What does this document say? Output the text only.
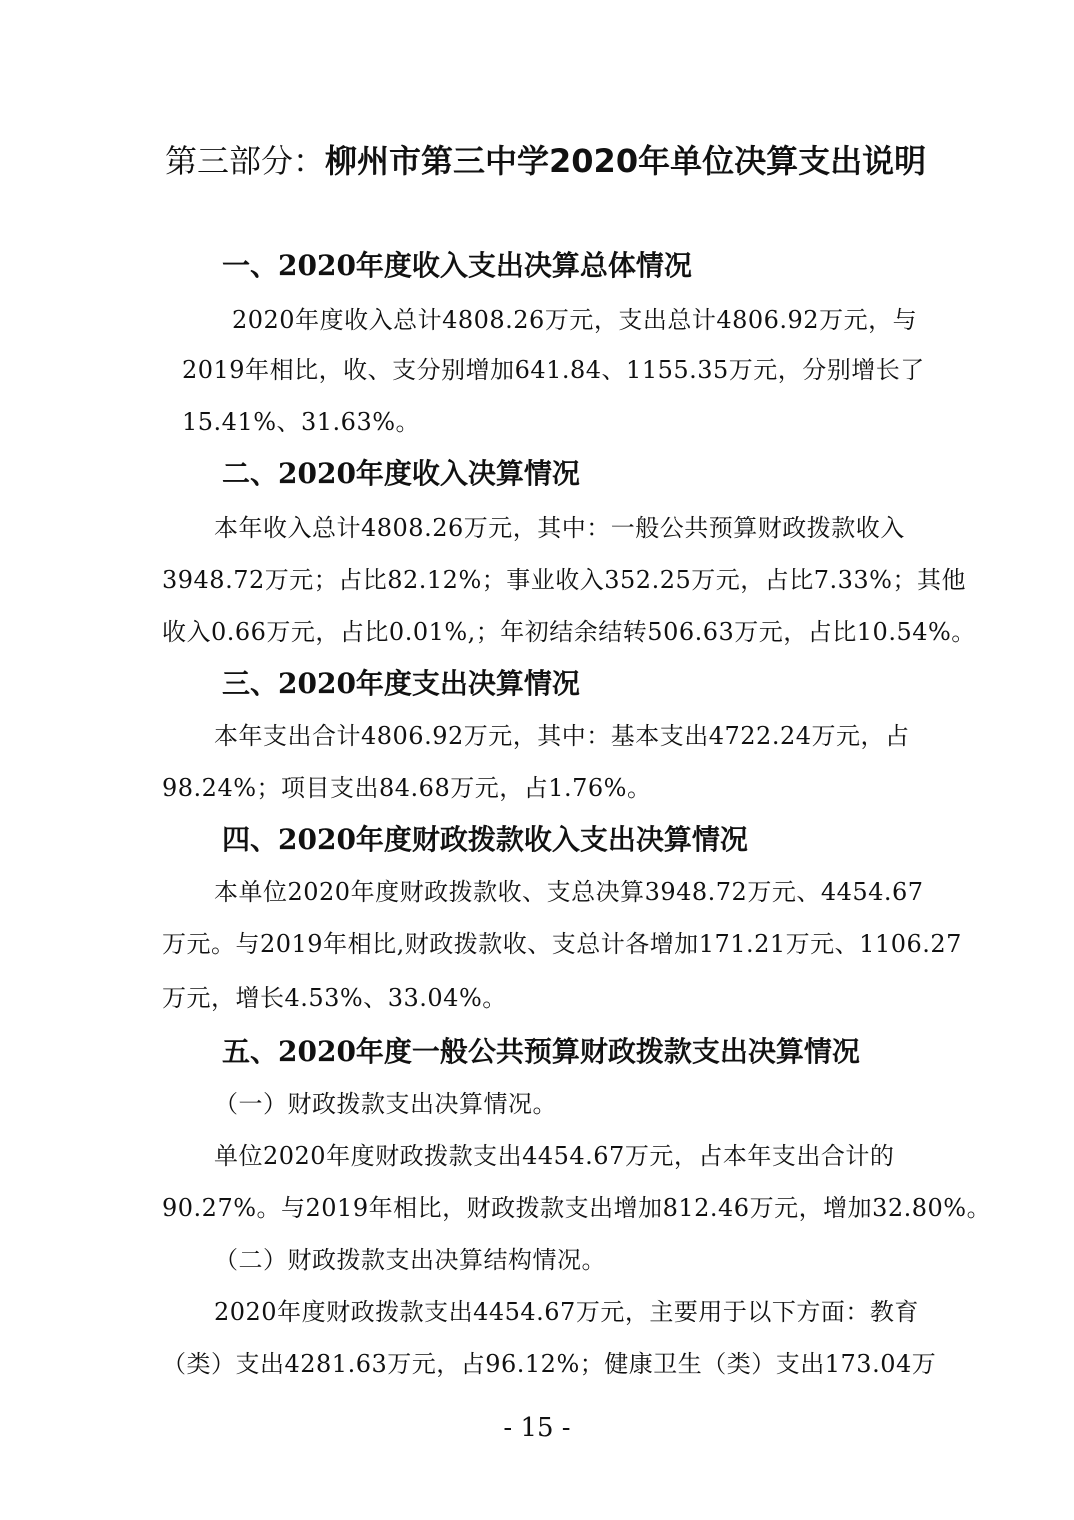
第三部分：柳州市第三中学2020年单位决算支出说明
一、2020年度收入支出决算总体情况
2020年度收入总计4808.26万元，支出总计4806.92万元，与
2019年相比，收、支分别增加641.84、1155.35万元，分别增长了
15.41%、31.63%。
二、2020年度收入决算情况
本年收入总计4808.26万元，其中：一般公共预算财政拨款收入
3948.72万元；占比82.12%；事业收入352.25万元，占比7.33%；其他
收入0.66万元，占比0.01%,；年初结余结转506.63万元，占比10.54%。
三、2020年度支出决算情况
本年支出合计4806.92万元，其中：基本支出4722.24万元，占
98.24%；项目支出84.68万元，占1.76%。
四、2020年度财政拨款收入支出决算情况
本单位2020年度财政拨款收、支总决算3948.72万元、4454.67
万元。与2019年相比,财政拨款收、支总计各增加171.21万元、1106.27
万元，增长4.53%、33.04%。
五、2020年度一般公共预算财政拨款支出决算情况
（一）财政拨款支出决算情况。
单位2020年度财政拨款支出4454.67万元，占本年支出合计的
90.27%。与2019年相比，财政拨款支出增加812.46万元，增加32.80%。
（二）财政拨款支出决算结构情况。
2020年度财政拨款支出4454.67万元，主要用于以下方面：教育
（类）支出4281.63万元，占96.12%；健康卫生（类）支出173.04万
- 15 -
